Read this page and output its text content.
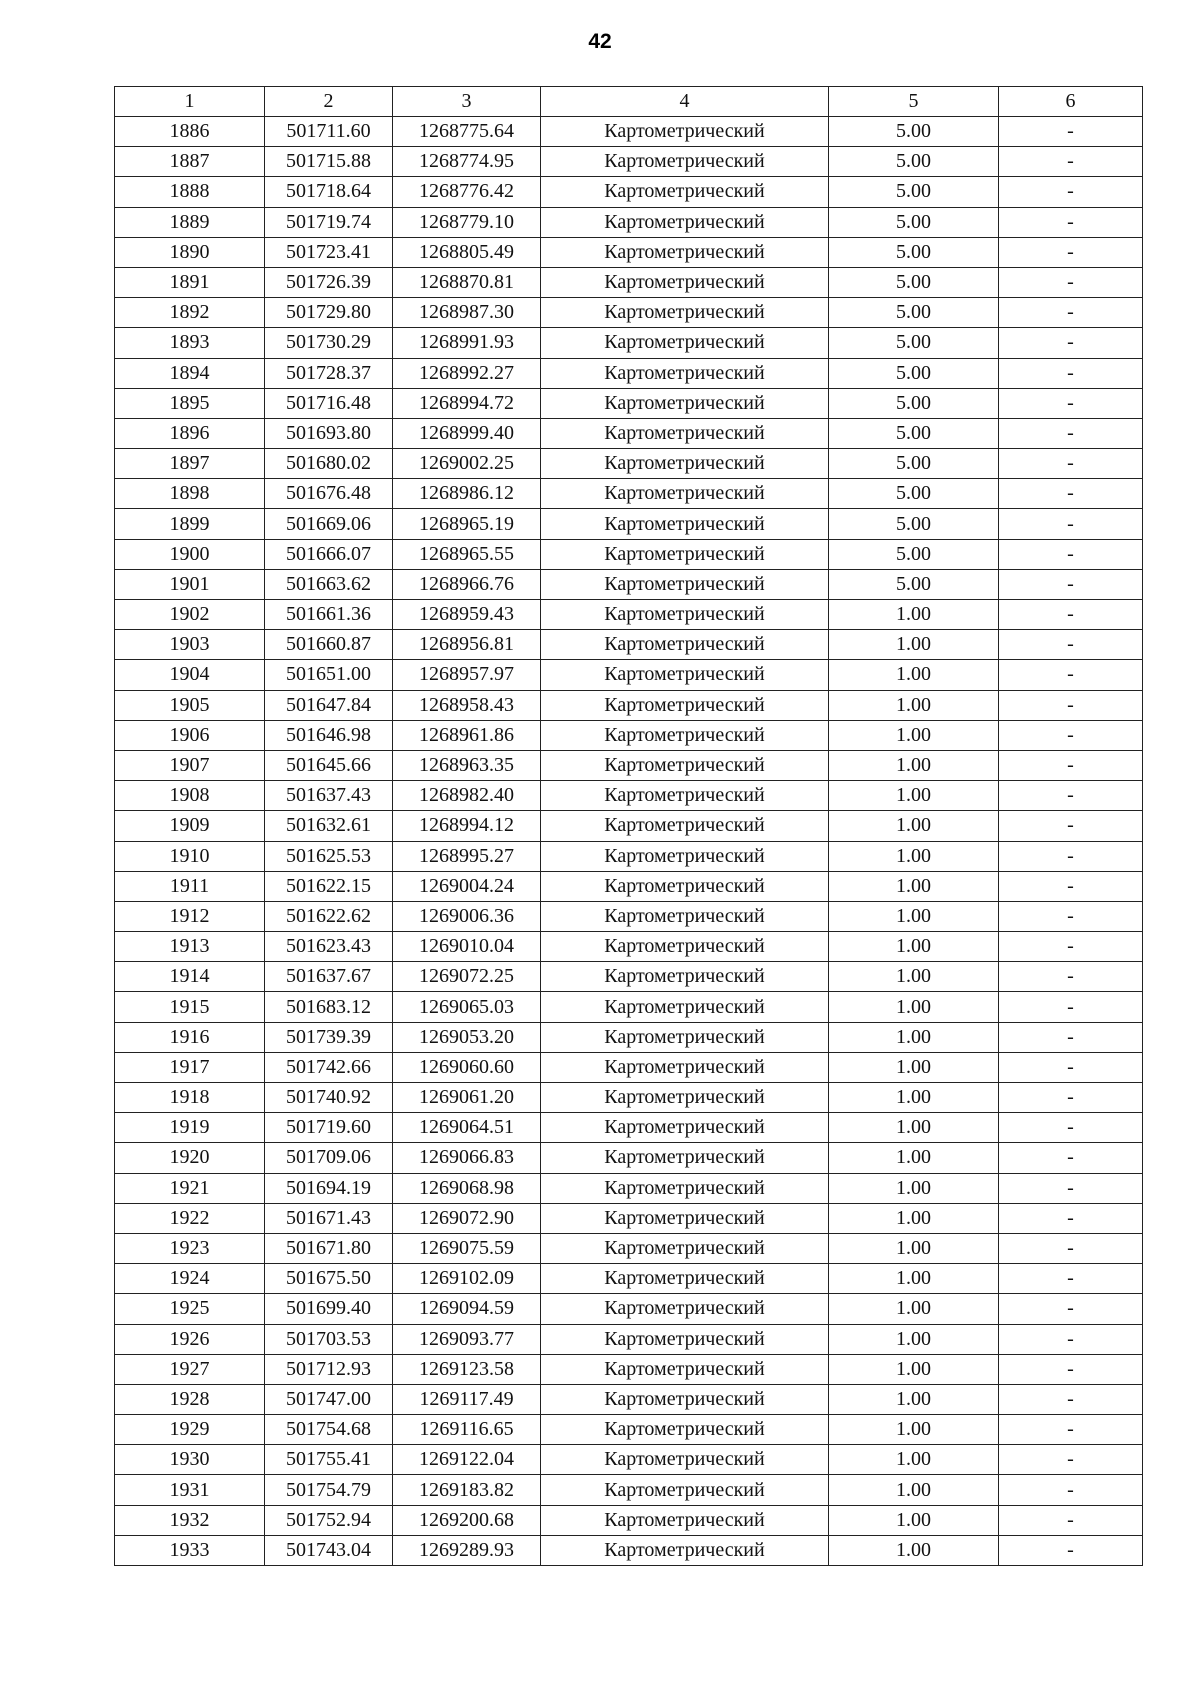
42
1	2	3	4	5	6
1886	501711.60	1268775.64	Картометрический	5.00	-
1887	501715.88	1268774.95	Картометрический	5.00	-
1888	501718.64	1268776.42	Картометрический	5.00	-
1889	501719.74	1268779.10	Картометрический	5.00	-
1890	501723.41	1268805.49	Картометрический	5.00	-
1891	501726.39	1268870.81	Картометрический	5.00	-
1892	501729.80	1268987.30	Картометрический	5.00	-
1893	501730.29	1268991.93	Картометрический	5.00	-
1894	501728.37	1268992.27	Картометрический	5.00	-
1895	501716.48	1268994.72	Картометрический	5.00	-
1896	501693.80	1268999.40	Картометрический	5.00	-
1897	501680.02	1269002.25	Картометрический	5.00	-
1898	501676.48	1268986.12	Картометрический	5.00	-
1899	501669.06	1268965.19	Картометрический	5.00	-
1900	501666.07	1268965.55	Картометрический	5.00	-
1901	501663.62	1268966.76	Картометрический	5.00	-
1902	501661.36	1268959.43	Картометрический	1.00	-
1903	501660.87	1268956.81	Картометрический	1.00	-
1904	501651.00	1268957.97	Картометрический	1.00	-
1905	501647.84	1268958.43	Картометрический	1.00	-
1906	501646.98	1268961.86	Картометрический	1.00	-
1907	501645.66	1268963.35	Картометрический	1.00	-
1908	501637.43	1268982.40	Картометрический	1.00	-
1909	501632.61	1268994.12	Картометрический	1.00	-
1910	501625.53	1268995.27	Картометрический	1.00	-
1911	501622.15	1269004.24	Картометрический	1.00	-
1912	501622.62	1269006.36	Картометрический	1.00	-
1913	501623.43	1269010.04	Картометрический	1.00	-
1914	501637.67	1269072.25	Картометрический	1.00	-
1915	501683.12	1269065.03	Картометрический	1.00	-
1916	501739.39	1269053.20	Картометрический	1.00	-
1917	501742.66	1269060.60	Картометрический	1.00	-
1918	501740.92	1269061.20	Картометрический	1.00	-
1919	501719.60	1269064.51	Картометрический	1.00	-
1920	501709.06	1269066.83	Картометрический	1.00	-
1921	501694.19	1269068.98	Картометрический	1.00	-
1922	501671.43	1269072.90	Картометрический	1.00	-
1923	501671.80	1269075.59	Картометрический	1.00	-
1924	501675.50	1269102.09	Картометрический	1.00	-
1925	501699.40	1269094.59	Картометрический	1.00	-
1926	501703.53	1269093.77	Картометрический	1.00	-
1927	501712.93	1269123.58	Картометрический	1.00	-
1928	501747.00	1269117.49	Картометрический	1.00	-
1929	501754.68	1269116.65	Картометрический	1.00	-
1930	501755.41	1269122.04	Картометрический	1.00	-
1931	501754.79	1269183.82	Картометрический	1.00	-
1932	501752.94	1269200.68	Картометрический	1.00	-
1933	501743.04	1269289.93	Картометрический	1.00	-
